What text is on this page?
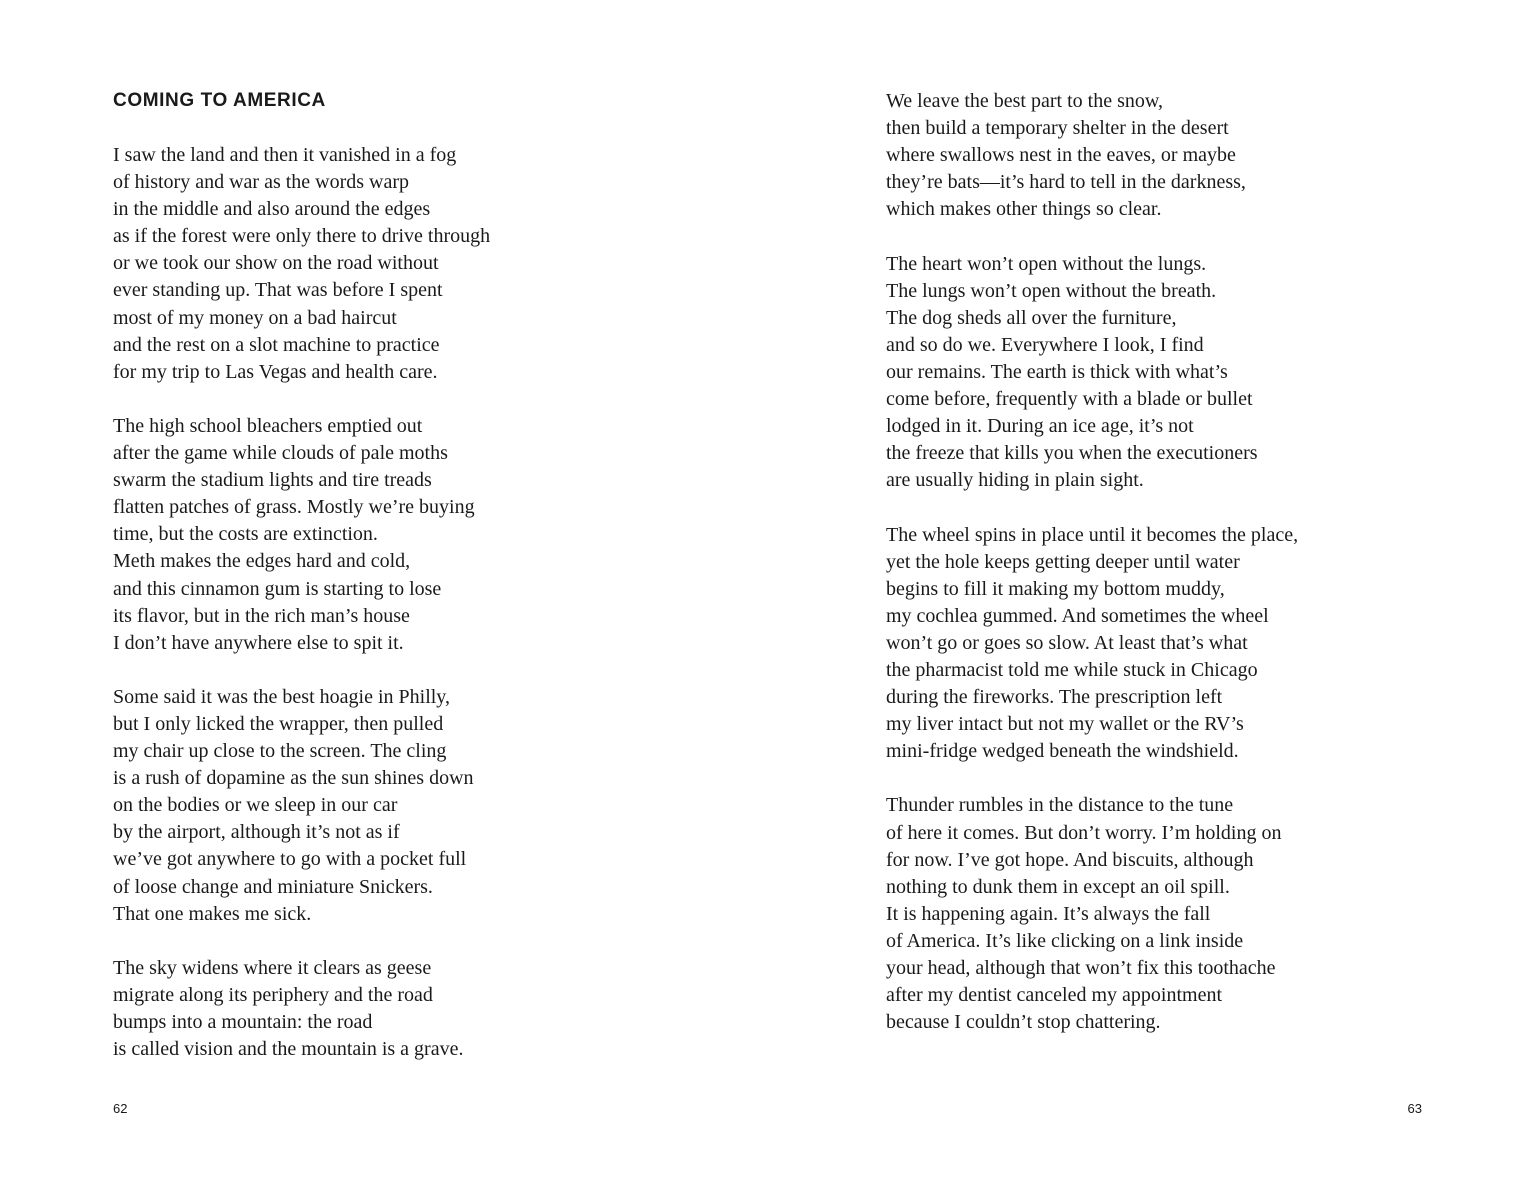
COMING TO AMERICA
I saw the land and then it vanished in a fog
of history and war as the words warp
in the middle and also around the edges
as if the forest were only there to drive through
or we took our show on the road without
ever standing up. That was before I spent
most of my money on a bad haircut
and the rest on a slot machine to practice
for my trip to Las Vegas and health care.
The high school bleachers emptied out
after the game while clouds of pale moths
swarm the stadium lights and tire treads
flatten patches of grass. Mostly we’re buying
time, but the costs are extinction.
Meth makes the edges hard and cold,
and this cinnamon gum is starting to lose
its flavor, but in the rich man’s house
I don’t have anywhere else to spit it.
Some said it was the best hoagie in Philly,
but I only licked the wrapper, then pulled
my chair up close to the screen. The cling
is a rush of dopamine as the sun shines down
on the bodies or we sleep in our car
by the airport, although it’s not as if
we’ve got anywhere to go with a pocket full
of loose change and miniature Snickers.
That one makes me sick.
The sky widens where it clears as geese
migrate along its periphery and the road
bumps into a mountain: the road
is called vision and the mountain is a grave.
62
We leave the best part to the snow,
then build a temporary shelter in the desert
where swallows nest in the eaves, or maybe
they’re bats—it’s hard to tell in the darkness,
which makes other things so clear.
The heart won’t open without the lungs.
The lungs won’t open without the breath.
The dog sheds all over the furniture,
and so do we. Everywhere I look, I find
our remains. The earth is thick with what’s
come before, frequently with a blade or bullet
lodged in it. During an ice age, it’s not
the freeze that kills you when the executioners
are usually hiding in plain sight.
The wheel spins in place until it becomes the place,
yet the hole keeps getting deeper until water
begins to fill it making my bottom muddy,
my cochlea gummed. And sometimes the wheel
won’t go or goes so slow. At least that’s what
the pharmacist told me while stuck in Chicago
during the fireworks. The prescription left
my liver intact but not my wallet or the RV’s
mini-fridge wedged beneath the windshield.
Thunder rumbles in the distance to the tune
of here it comes. But don’t worry. I’m holding on
for now. I’ve got hope. And biscuits, although
nothing to dunk them in except an oil spill.
It is happening again. It’s always the fall
of America. It’s like clicking on a link inside
your head, although that won’t fix this toothache
after my dentist canceled my appointment
because I couldn’t stop chattering.
63
